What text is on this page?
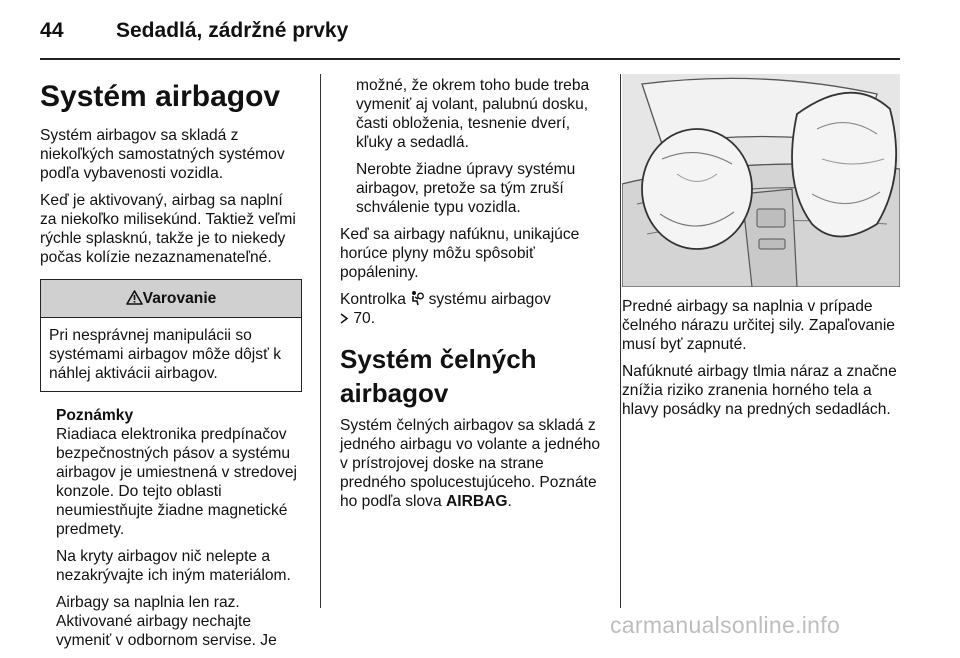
44 Sedadlá, zádržné prvky
Systém airbagov

Systém airbagov sa skladá z niekoľkých samostatných systémov podľa vybavenosti vozidla.

Keď je aktivovaný, airbag sa naplní za niekoľko milisekúnd. Taktiež veľmi rýchle splasknú, takže je to niekedy počas kolízie nezaznamenateľné.

Varovanie
Pri nesprávnej manipulácii so systémami airbagov môže dôjsť k náhlej aktivácii airbagov.

Poznámky

Riadiaca elektronika predpínačov bezpečnostných pásov a systému airbagov je umiestnená v stredovej konzole. Do tejto oblasti neumiestňujte žiadne magnetické predmety.

Na kryty airbagov nič nelepte a nezakrývajte ich iným materiálom.

Airbagy sa naplnia len raz. Aktivované airbagy nechajte vymeniť v odbornom servise. Je

možné, že okrem toho bude treba vymeniť aj volant, palubnú dosku, časti obloženia, tesnenie dverí, kľuky a sedadlá.

Nerobte žiadne úpravy systému airbagov, pretože sa tým zruší schválenie typu vozidla.

Keď sa airbagy nafúknu, unikajúce horúce plyny môžu spôsobiť popáleniny.

Kontrolka systému airbagov
70.

Systém čelných airbagov

Systém čelných airbagov sa skladá z jedného airbagu vo volante a jedného v prístrojovej doske na strane predného spolucestujúceho. Poznáte ho podľa slova AIRBAG.

Predné airbagy sa naplnia v prípade čelného nárazu určitej sily. Zapaľovanie musí byť zapnuté.

Nafúknuté airbagy tlmia náraz a značne znížia riziko zranenia horného tela a hlavy posádky na predných sedadlách.

carmanualsonline.info
